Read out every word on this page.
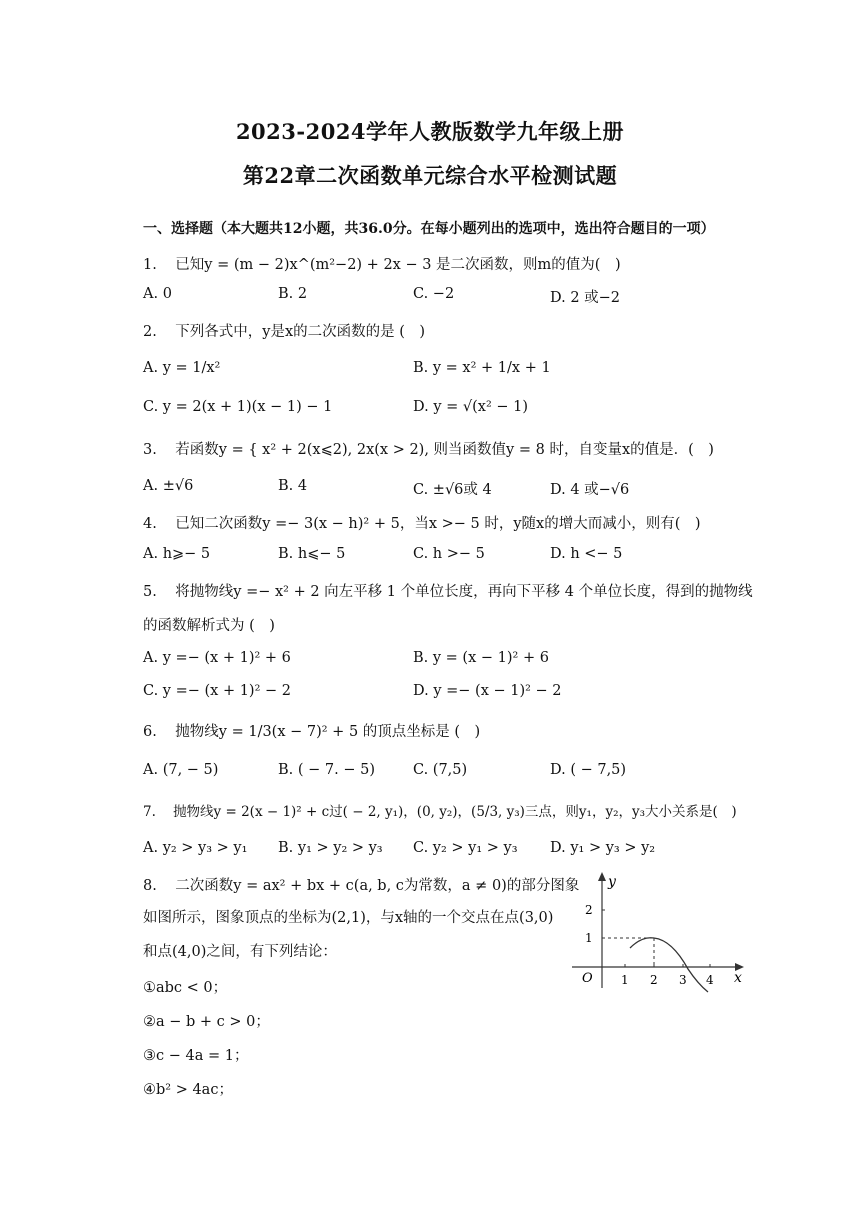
2023-2024学年人教版数学九年级上册
第22章二次函数单元综合水平检测试题
一、选择题（本大题共12小题，共36.0分。在每小题列出的选项中，选出符合题目的一项）
1. 已知y = (m − 2)x^(m²−2) + 2x − 3 是二次函数，则m的值为(　)
A. 0	B. 2	C. −2	D. 2 或−2
2. 下列各式中，y是x的二次函数的是 (　)
A. y = 1/x²	B. y = x² + 1/x + 1
C. y = 2(x + 1)(x − 1) − 1	D. y = √(x² − 1)
3. 若函数y = { x² + 2(x⩽2), 2x(x > 2), 则当函数值y = 8 时，自变量x的值是．(　)
A. ±√6	B. 4	C. ±√6或 4	D. 4 或−√6
4. 已知二次函数y =− 3(x − h)² + 5，当x >− 5 时，y随x的增大而减小，则有(　)
A. h⩾− 5	B. h⩽− 5	C. h >− 5	D. h <− 5
5. 将抛物线y =− x² + 2 向左平移 1 个单位长度，再向下平移 4 个单位长度，得到的抛物线
的函数解析式为 (　)
A. y =− (x + 1)² + 6	B. y = (x − 1)² + 6
C. y =− (x + 1)² − 2	D. y =− (x − 1)² − 2
6. 抛物线y = 1/3(x − 7)² + 5 的顶点坐标是 (　)
A. (7, − 5)	B. ( − 7. − 5)	C. (7,5)	D. ( − 7,5)
7. 抛物线y = 2(x − 1)² + c过( − 2, y₁)，(0, y₂)，(5/3, y₃)三点，则y₁，y₂，y₃大小关系是(　)
A. y₂ > y₃ > y₁ B. y₁ > y₂ > y₃ C. y₂ > y₁ > y₃ D. y₁ > y₃ > y₂
8. 二次函数y = ax² + bx + c(a, b, c为常数，a ≠ 0)的部分图象
如图所示，图象顶点的坐标为(2,1)，与x轴的一个交点在点(3,0)
和点(4,0)之间，有下列结论：
①abc < 0；
②a − b + c > 0；
③c − 4a = 1；
④b² > 4ac；
y
x
O 1 2 3 4
1
2
